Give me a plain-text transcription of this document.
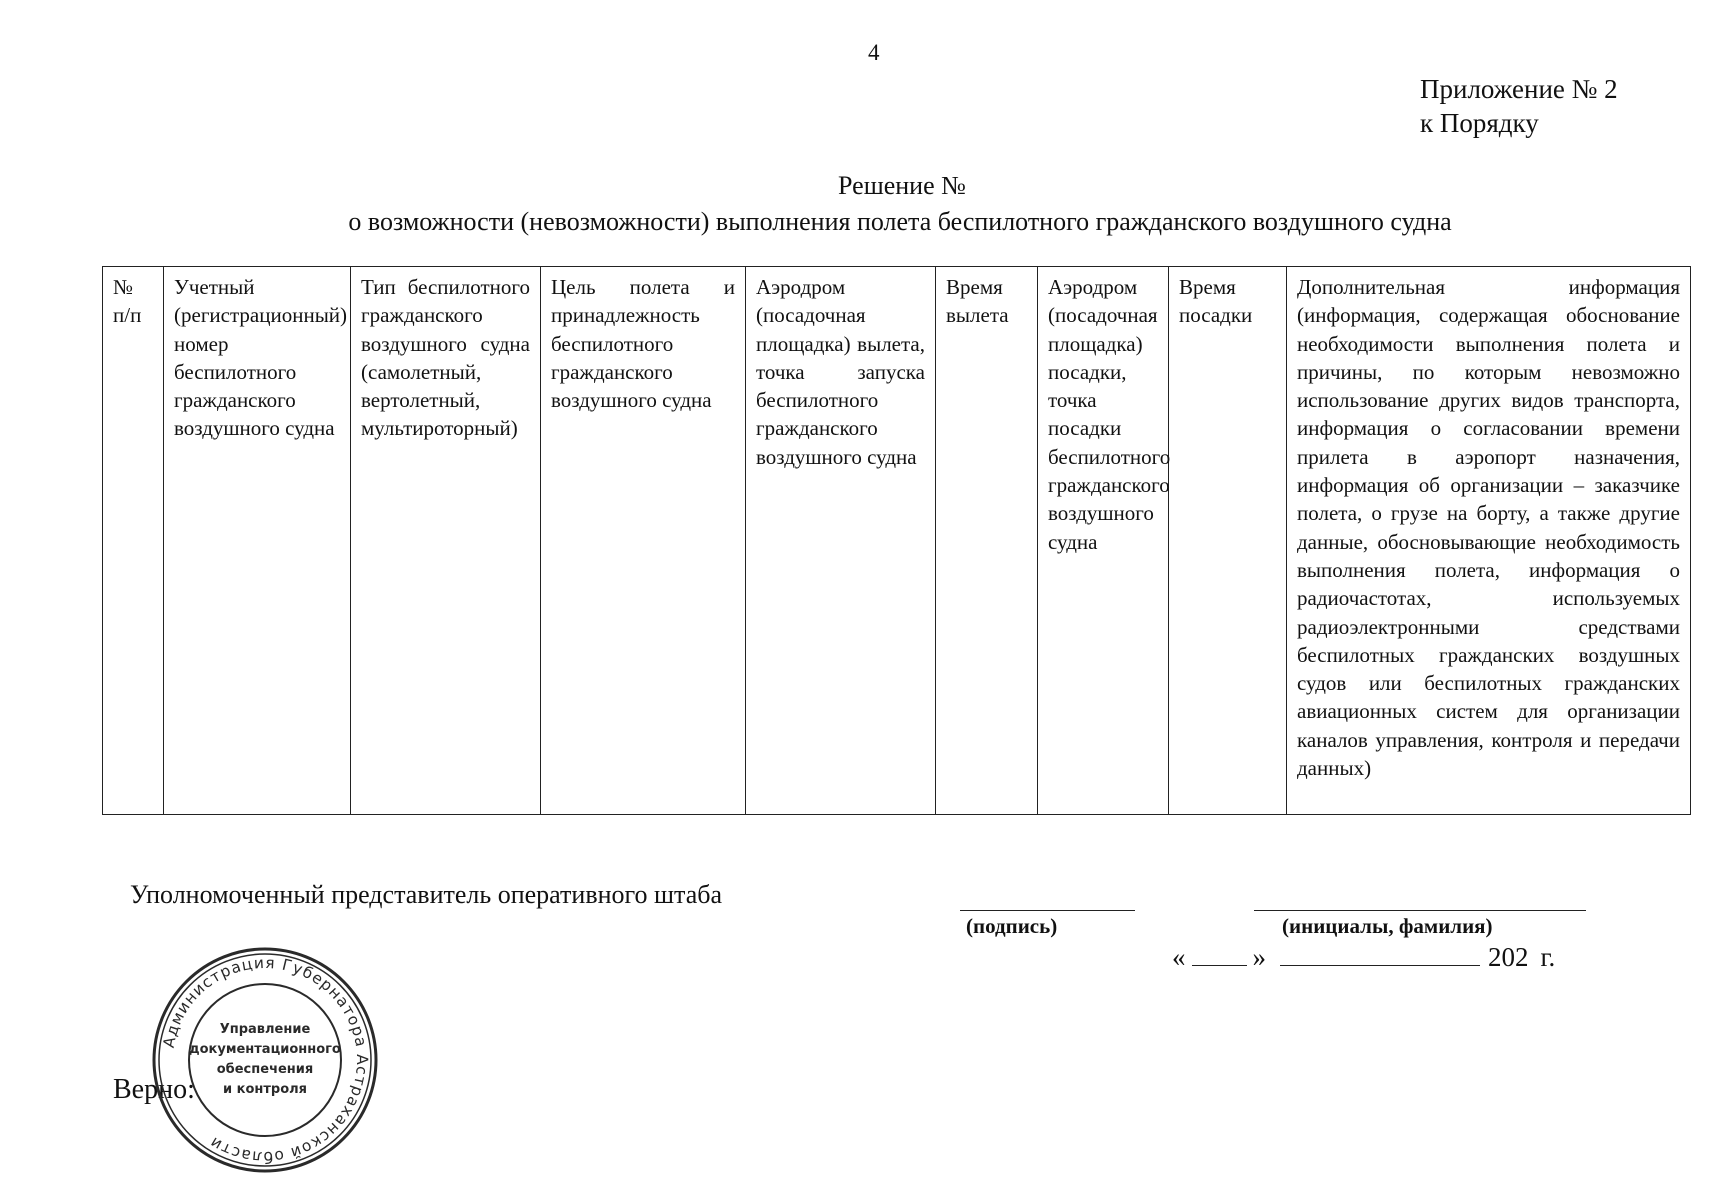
4
Приложение № 2
к Порядку
Решение №
о возможности (невозможности) выполнения полета беспилотного гражданского воздушного судна
№ п/п	Учетный (регистрационный) номер беспилотного гражданского воздушного судна	Тип беспилотного гражданского воздушного судна (самолетный, вертолетный, мультироторный)	Цель полета и принадлежность беспилотного гражданского воздушного судна	Аэродром (посадочная площадка) вылета, точка запуска беспилотного гражданского воздушного судна	Время вылета	Аэродром (посадочная площадка) посадки, точка посадки беспилотного гражданского воздушного судна	Время посадки	Дополнительная информация (информация, содержащая обоснование необходимости выполнения полета и причины, по которым невозможно использование других видов транспорта, информация о согласовании времени прилета в аэропорт назначения, информация об организации – заказчике полета, о грузе на борту, а также другие данные, обосновывающие необходимость выполнения полета, информация о радиочастотах, используемых радиоэлектронными средствами беспилотных гражданских воздушных судов или беспилотных гражданских авиационных систем для организации каналов управления, контроля и передачи данных)
Уполномоченный представитель оперативного штаба
(подпись)	(инициалы, фамилия)
« »	202 г.
Верно:
Администрация Губернатора Астраханской области
Управление
документационного
обеспечения
и контроля
